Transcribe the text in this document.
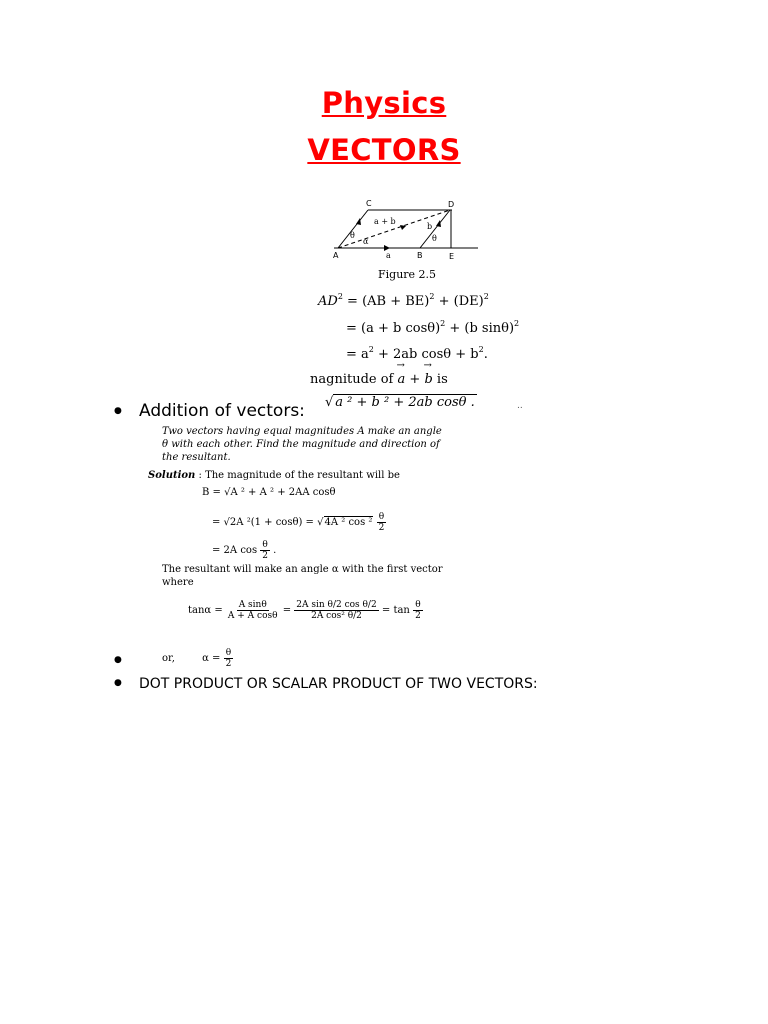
Physics
VECTORS
C	D
A	B	E
θ
α	θ
a
b
a + b
Figure 2.5
$AD^2 = (AB + BE)^2 + (DE)^2$
= (a + b cosθ)$^2$ + (b sinθ)$^2$
= $a^2 + 2ab$ $\cos\theta + b^2$.
nagnitude of → a + → b is
√ a ² + b ² + 2ab cosθ .	..
● Addition of vectors:
Two vectors having equal magnitudes A make an angle
θ with each other. Find the magnitude and direction of
the resultant.
Solution : The magnitude of the resultant will be
B = √A ² + A ² + 2AA cosθ
= √2A ²(1 + cosθ) = √4A ² $\cos ^2 \frac{\theta}{2}$
= 2A $\cos \frac{\theta}{2}$ .
The resultant will make an angle α with the first vector
where
$\tan\alpha = \frac{\text{A sinθ}}{\text{A + A cosθ}} = \frac{\text{2A sin θ/2 cos θ/2}}{\text{2A cos² θ/2}} = \tan \frac{\theta}{2}$
or,	$\alpha = \frac{\theta}{2}$
●
● DOT PRODUCT OR SCALAR PRODUCT OF TWO VECTORS:
